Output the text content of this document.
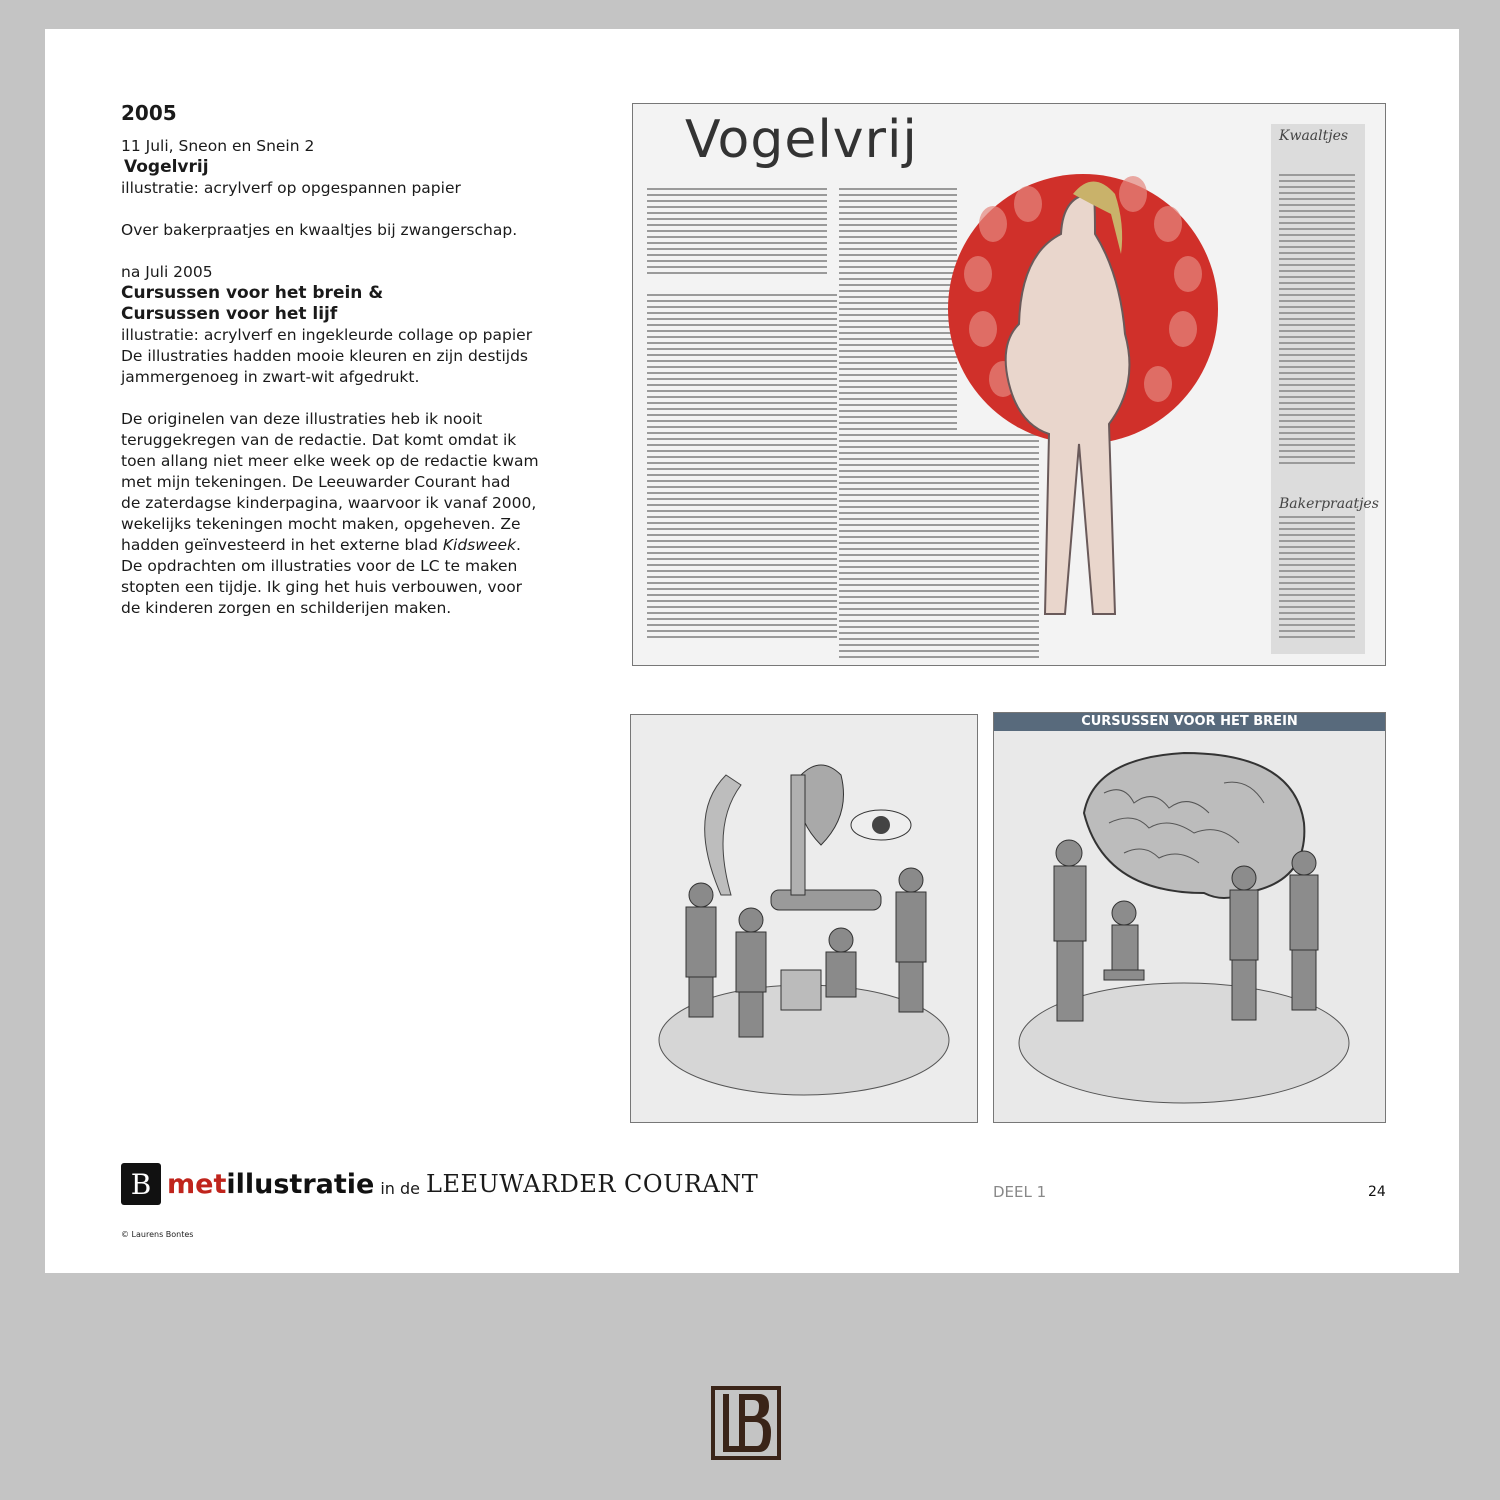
2005
11 Juli, Sneon en Snein 2
Vogelvrij
illustratie: acrylverf op opgespannen papier
Over bakerpraatjes en kwaaltjes bij zwangerschap.
na Juli 2005
Cursussen voor het brein &
Cursussen voor het lijf
illustratie: acrylverf en ingekleurde collage op papier
De illustraties hadden mooie kleuren en zijn destijds
jammergenoeg in zwart-wit afgedrukt.
De originelen van deze illustraties heb ik nooit
teruggekregen van de redactie. Dat komt omdat ik
toen allang niet meer elke week op de redactie kwam
met mijn tekeningen. De Leeuwarder Courant had
de zaterdagse kinderpagina, waarvoor ik vanaf 2000,
wekelijks tekeningen mocht maken, opgeheven. Ze
hadden geïnvesteerd in het externe blad Kidsweek.
De opdrachten om illustraties voor de LC te maken
stopten een tijdje. Ik ging het huis verbouwen, voor
de kinderen zorgen en schilderijen maken.
Vogelvrij	Kwaaltjes
Bakerpraatjes
CURSUSSEN VOOR HET BREIN
B met illustratie in de LEEUWARDER COURANT	DEEL 1	24
© Laurens Bontes
